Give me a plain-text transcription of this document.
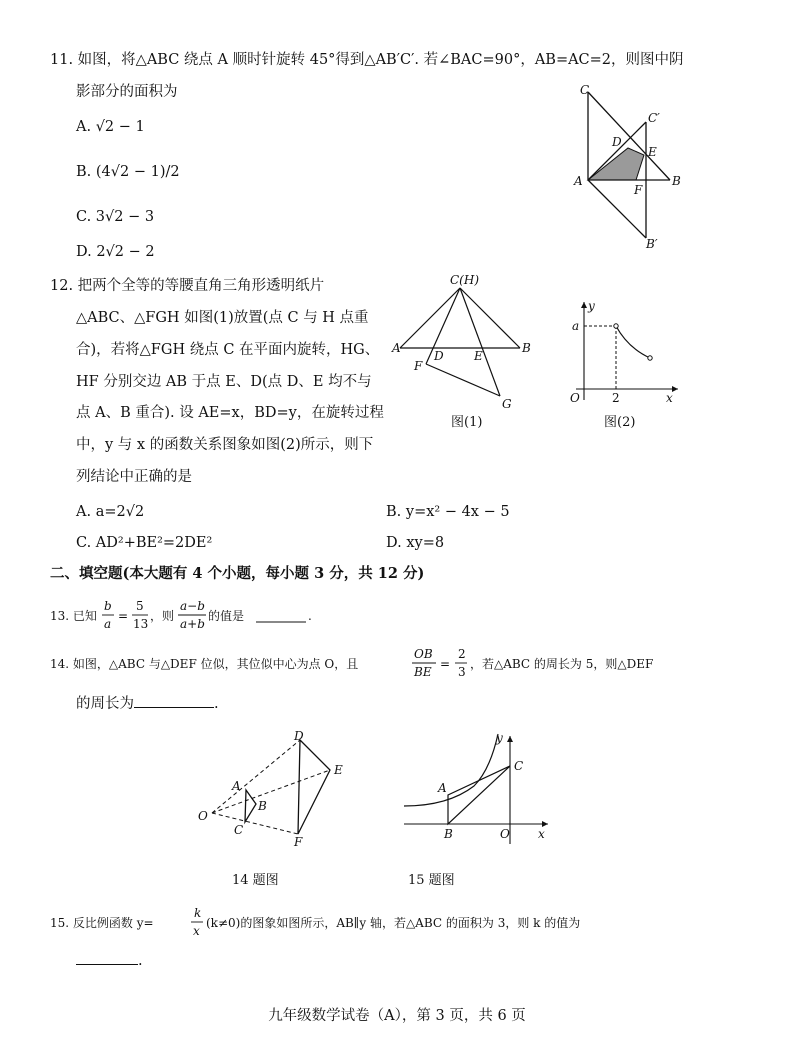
11. 如图，将△ABC 绕点 A 顺时针旋转 45°得到△AB′C′. 若∠BAC=90°，AB=AC=2，则图中阴
影部分的面积为
A. √2 − 1
B. (4√2 − 1)/2
C. 3√2 − 3
D. 2√2 − 2
C
C′
D
E
A
F
B
B′
12. 把两个全等的等腰直角三角形透明纸片
△ABC、△FGH 如图(1)放置(点 C 与 H 点重
合)，若将△FGH 绕点 C 在平面内旋转，HG、
HF 分别交边 AB 于点 E、D(点 D、E 均不与
点 A、B 重合). 设 AE=x，BD=y，在旋转过程
中，y 与 x 的函数关系图象如图(2)所示，则下
列结论中正确的是
C(H)
A
D	E
B
F
G
图(1)
y
a
O	2	x
图(2)
A. a=2√2	B. y=x² − 4x − 5
C. AD²+BE²=2DE²	D. xy=8
二、填空题(本大题有 4 个小题，每小题 3 分，共 12 分)
13. 已知
b
a
=
5
13
，则
a−b
a+b
的值是	.
14. 如图，△ABC 与△DEF 位似，其位似中心为点 O，且
OB
BE
=
2
3
，若△ABC 的周长为 5，则△DEF
的周长为	.
D
E
A
B
O
C
F
14 题图
y
C
A
B	O x
15 题图
15. 反比例函数 y=
k
x
(k≠0)的图象如图所示，AB∥y 轴，若△ABC 的面积为 3，则 k 的值为
.
九年级数学试卷（A），第 3 页，共 6 页
